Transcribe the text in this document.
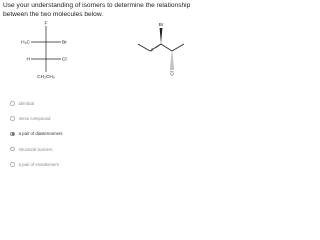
Use your understanding of isomers to determine the relationship between the two molecules below.
F
H₃C	Br
H	Cl
CH₂CH₃
Br
F
Cl
identical
meso compound
a pair of diastereomers
structural isomers
a pair of enantiomers
